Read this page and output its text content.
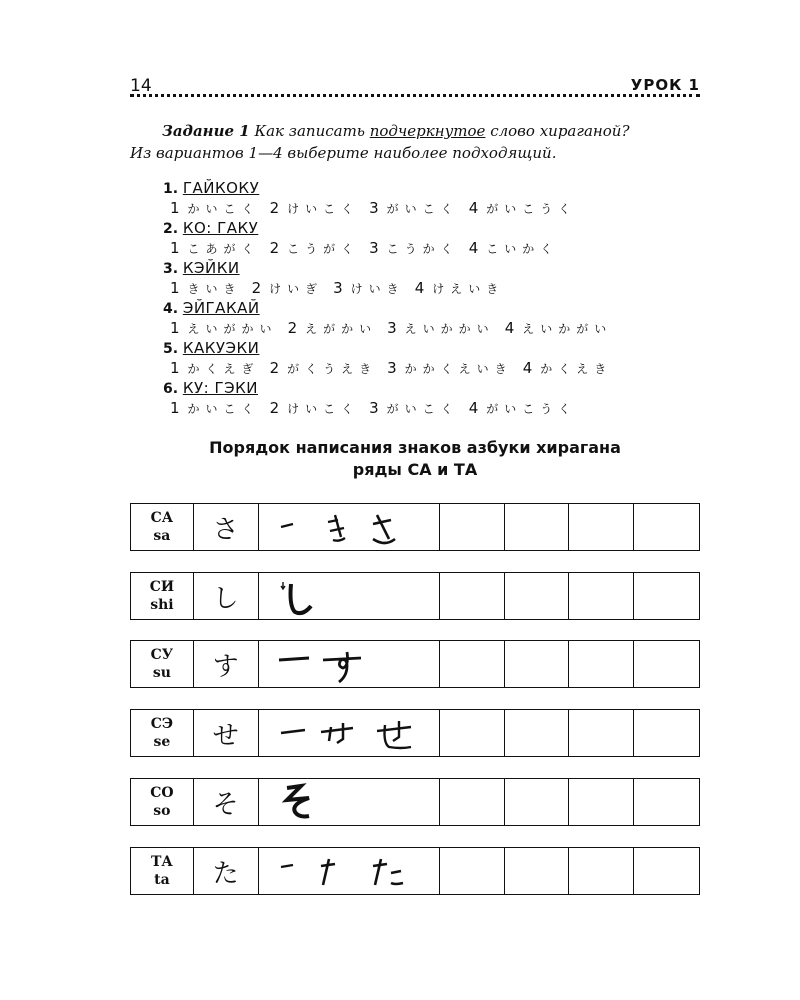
14	УРОК 1
Задание 1 Как записать подчеркнутое слово хираганой?
Из вариантов 1—4 выберите наиболее подходящий.
1. ГАЙКОКУ
1 かいこく 2 けいこく 3 がいこく 4 がいこうく
2. КО: ГАКУ
1 こあがく 2 こうがく 3 こうかく 4 こいかく
3. КЭЙКИ
1 きいき 2 けいぎ 3 けいき 4 けえいき
4. ЭЙГАКАЙ
1 えいがかい 2 えがかい 3 えいかかい 4 えいかがい
5. КАКУЭКИ
1 かくえぎ 2 がくうえき 3 かかくえいき 4 かくえき
6. КУ: ГЭКИ
1 かいこく 2 けいこく 3 がいこく 4 がいこうく
Порядок написания знаков азбуки хирагана
ряды СА и ТА
СА
sa	さ
СИ
shi	し
СУ
su	す
СЭ
se	せ
СО
so	そ
ТА
ta	た
